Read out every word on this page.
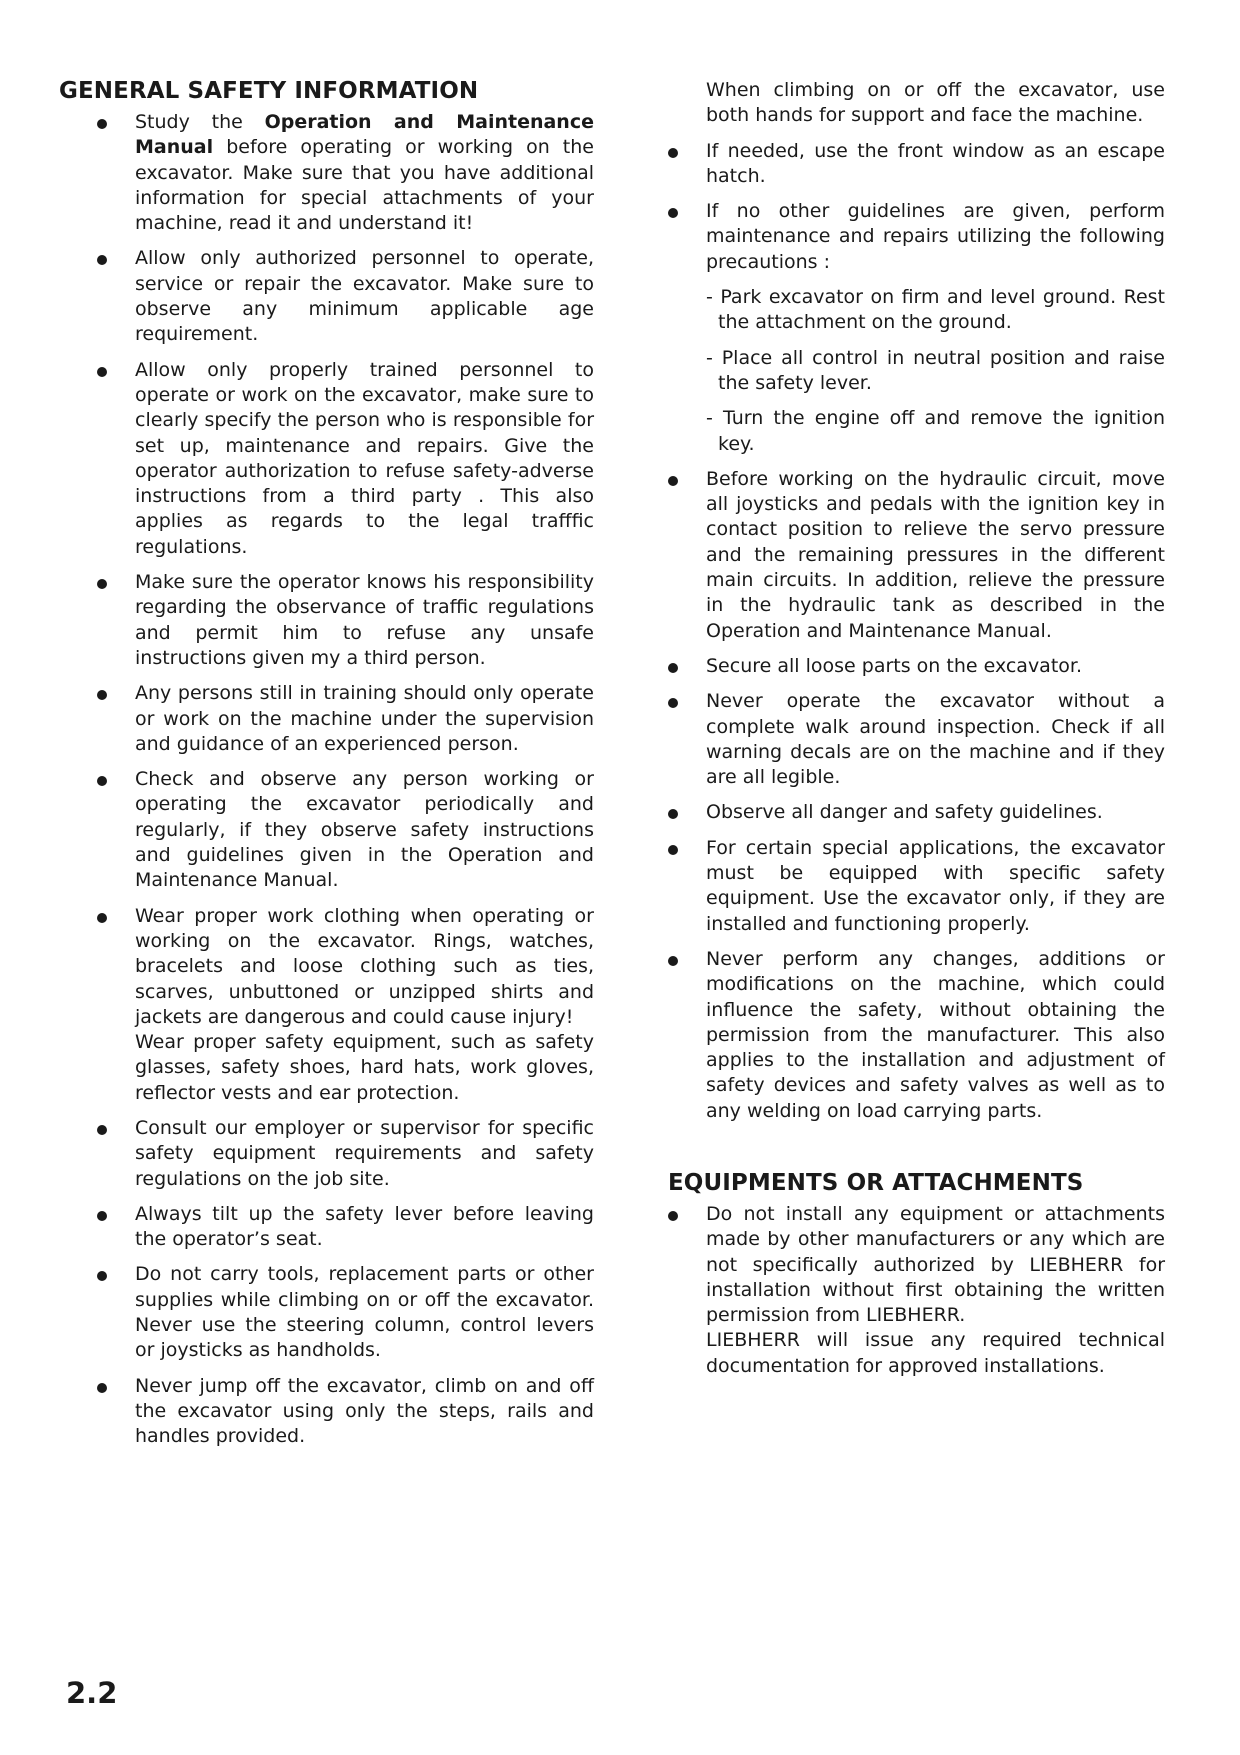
GENERAL SAFETY INFORMATION
Study the Operation and Maintenance Manual before operating or working on the excavator. Make sure that you have additional information for special attachments of your machine, read it and understand it!
Allow only authorized personnel to operate, service or repair the excavator. Make sure to observe any minimum applicable age requirement.
Allow only properly trained personnel to operate or work on the excavator, make sure to clearly specify the person who is responsible for set up, maintenance and repairs. Give the operator authorization to refuse safety-adverse instructions from a third party . This also applies as regards to the legal trafffic regulations.
Make sure the operator knows his responsibility regarding the observance of traffic regulations and permit him to refuse any unsafe instructions given my a third person.
Any persons still in training should only operate or work on the machine under the supervision and guidance of an experienced person.
Check and observe any person working or operating the excavator periodically and regularly, if they observe safety instructions and guidelines given in the Operation and Maintenance Manual.
Wear proper work clothing when operating or working on the excavator. Rings, watches, bracelets and loose clothing such as ties, scarves, unbuttoned or unzipped shirts and jackets are dangerous and could cause injury!
Wear proper safety equipment, such as safety glasses, safety shoes, hard hats, work gloves, reflector vests and ear protection.
Consult our employer or supervisor for specific safety equipment requirements and safety regulations on the job site.
Always tilt up the safety lever before leaving the operator’s seat.
Do not carry tools, replacement parts or other supplies while climbing on or off the excavator. Never use the steering column, control levers or joysticks as handholds.
Never jump off the excavator, climb on and off the excavator using only the steps, rails and handles provided.

When climbing on or off the excavator, use both hands for support and face the machine.

If needed, use the front window as an escape hatch.
If no other guidelines are given, perform maintenance and repairs utilizing the following precautions :
- Park excavator on firm and level ground. Rest the attachment on the ground.
- Place all control in neutral position and raise the safety lever.
- Turn the engine off and remove the ignition key.
Before working on the hydraulic circuit, move all joysticks and pedals with the ignition key in contact position to relieve the servo pressure and the remaining pressures in the different main circuits. In addition, relieve the pressure in the hydraulic tank as described in the Operation and Maintenance Manual.
Secure all loose parts on the excavator.
Never operate the excavator without a complete walk around inspection. Check if all warning decals are on the machine and if they are all legible.
Observe all danger and safety guidelines.
For certain special applications, the excavator must be equipped with specific safety equipment. Use the excavator only, if they are installed and functioning properly.
Never perform any changes, additions or modifications on the machine, which could influence the safety, without obtaining the permission from the manufacturer. This also applies to the installation and adjustment of safety devices and safety valves as well as to any welding on load carrying parts.
EQUIPMENTS OR ATTACHMENTS
Do not install any equipment or attachments made by other manufacturers or any which are not specifically authorized by LIEBHERR for installation without first obtaining the written permission from LIEBHERR.
LIEBHERR will issue any required technical documentation for approved installations.
2.2
